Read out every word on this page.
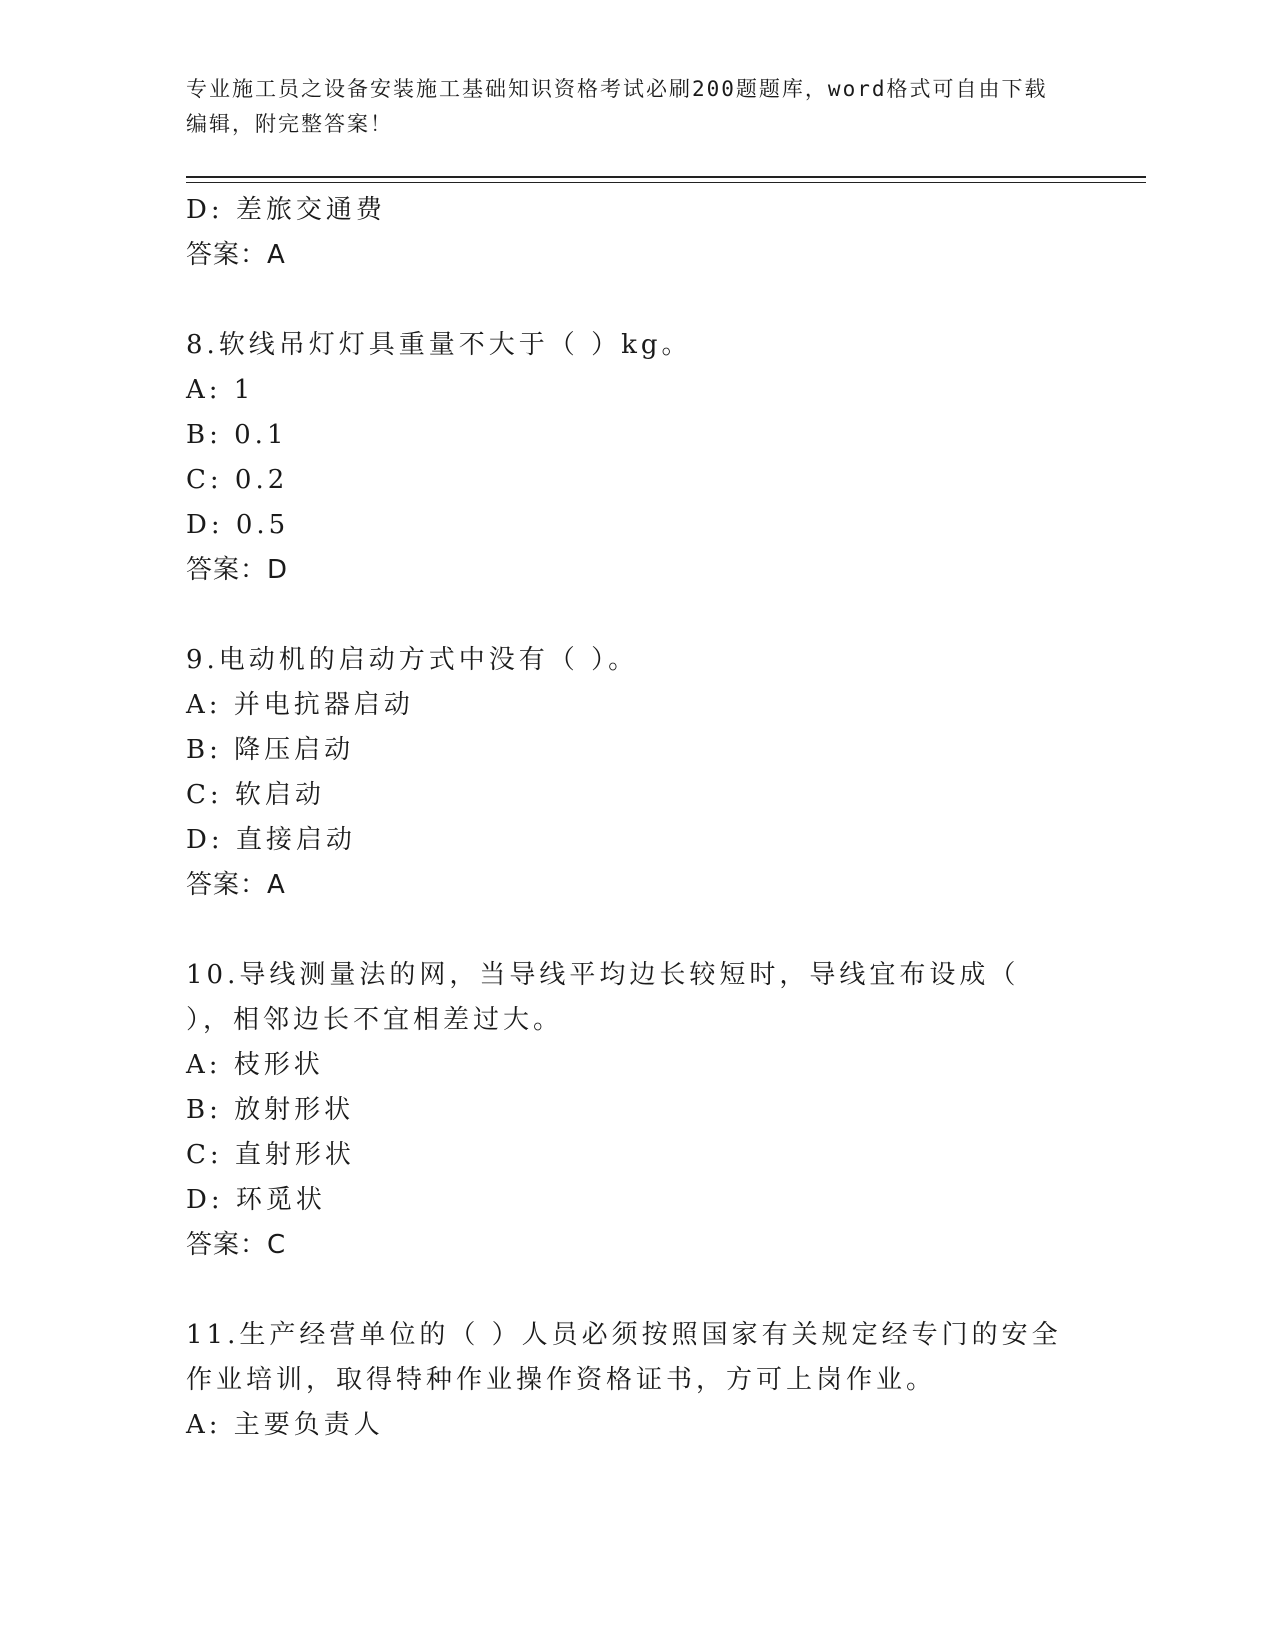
专业施工员之设备安装施工基础知识资格考试必刷200题题库，word格式可自由下载编辑，附完整答案！
D: 差旅交通费
答案：A
8.软线吊灯灯具重量不大于（ ）kg。
A: 1
B: 0.1
C: 0.2
D: 0.5
答案：D
9.电动机的启动方式中没有（ ）。
A: 并电抗器启动
B: 降压启动
C: 软启动
D: 直接启动
答案：A
10.导线测量法的网，当导线平均边长较短时，导线宜布设成（ ），相邻边长不宜相差过大。
A: 枝形状
B: 放射形状
C: 直射形状
D: 环觅状
答案：C
11.生产经营单位的（ ）人员必须按照国家有关规定经专门的安全作业培训，取得特种作业操作资格证书，方可上岗作业。
A: 主要负责人
